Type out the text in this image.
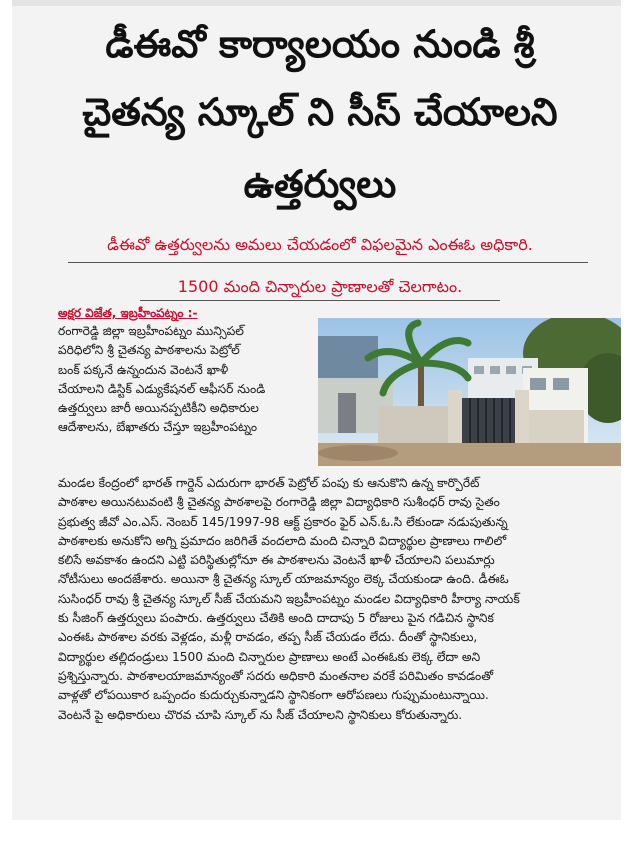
డీఈవో కార్యాలయం నుండి శ్రీ
చైతన్య స్కూల్ ని సీస్ చేయాలని
ఉత్తర్వులు
డీఈవో ఉత్తర్వులను అమలు చేయడంలో విఫలమైన ఎంఈఓ అధికారి.
1500 మంది చిన్నారుల ప్రాణాలతో చెలగాటం.
అక్షర విజేత, ఇబ్రహీంపట్నం :-

రంగారెడ్డి జిల్లా ఇబ్రహీంపట్నం మున్సిపల్

పరిధిలోని శ్రీ చైతన్య పాఠశాలను పెట్రోల్

బంక్ పక్కనే ఉన్నందున వెంటనే ఖాళీ

చేయాలని డిస్టిక్ ఎడ్యుకేషనల్ ఆఫీసర్ నుండి

ఉత్తర్వులు జారీ అయినప్పటికీని అధికారుల

ఆదేశాలను, బేఖాతరు చేస్తూ ఇబ్రహీంపట్నం

మండల కేంద్రంలో భారత్ గార్డెన్ ఎదురుగా భారత్ పెట్రోల్ పంపు కు ఆనుకొని ఉన్న కార్పొరేట్

పాఠశాల అయినటువంటి శ్రీ చైతన్య పాఠశాలపై రంగారెడ్డి జిల్లా విద్యాధికారి సుశీంధర్ రావు సైతం

ప్రభుత్వ జీవో ఎం.ఎస్. నెంబర్ 145/1997-98 ఆక్ట్ ప్రకారం ఫైర్ ఎన్.ఓ.సి లేకుండా నడుపుతున్న

పాఠశాలకు అనుకోని అగ్ని ప్రమాదం జరిగితే వందలాది మంది చిన్నారి విద్యార్థుల ప్రాణాలు గాలిలో

కలిసే అవకాశం ఉందని ఎట్టి పరిస్థితుల్లోనూ ఈ పాఠశాలను వెంటనే ఖాళీ చేయాలని పలుమార్లు

నోటీసులు అందజేశారు. అయినా శ్రీ చైతన్య స్కూల్ యాజమాన్యం లెక్క చేయకుండా ఉంది. డీఈఓ

సుసింధర్ రావు శ్రీ చైతన్య స్కూల్ సీజ్ చేయమని ఇబ్రహీంపట్నం మండల విద్యాధికారి హీర్యా నాయక్

కు సీజింగ్ ఉత్తర్వులు పంపారు. ఉత్తర్వులు చేతికి అంది దాదాపు 5 రోజులు పైన గడిచిన స్థానిక

ఎంఈఓ పాఠశాల వరకు వెళ్లడం, మళ్లీ రావడం, తప్ప సీజ్ చేయడం లేదు. దీంతో స్థానికులు,

విద్యార్థుల తల్లిదండ్రులు 1500 మంది చిన్నారుల ప్రాణాలు అంటే ఎంఈఓకు లెక్క లేదా అని

ప్రశ్నిస్తున్నారు. పాఠశాలయాజమాన్యంతో సదరు అధికారి మంతనాల వరకే పరిమితం కావడంతో

వాళ్లతో లోపయికార ఒప్పందం కుదుర్చుకున్నాడని స్థానికంగా ఆరోపణలు గుప్పుమంటున్నాయి.

వెంటనే పై అధికారులు చొరవ చూపి స్కూల్ ను సీజ్ చేయాలని స్థానికులు కోరుతున్నారు.
